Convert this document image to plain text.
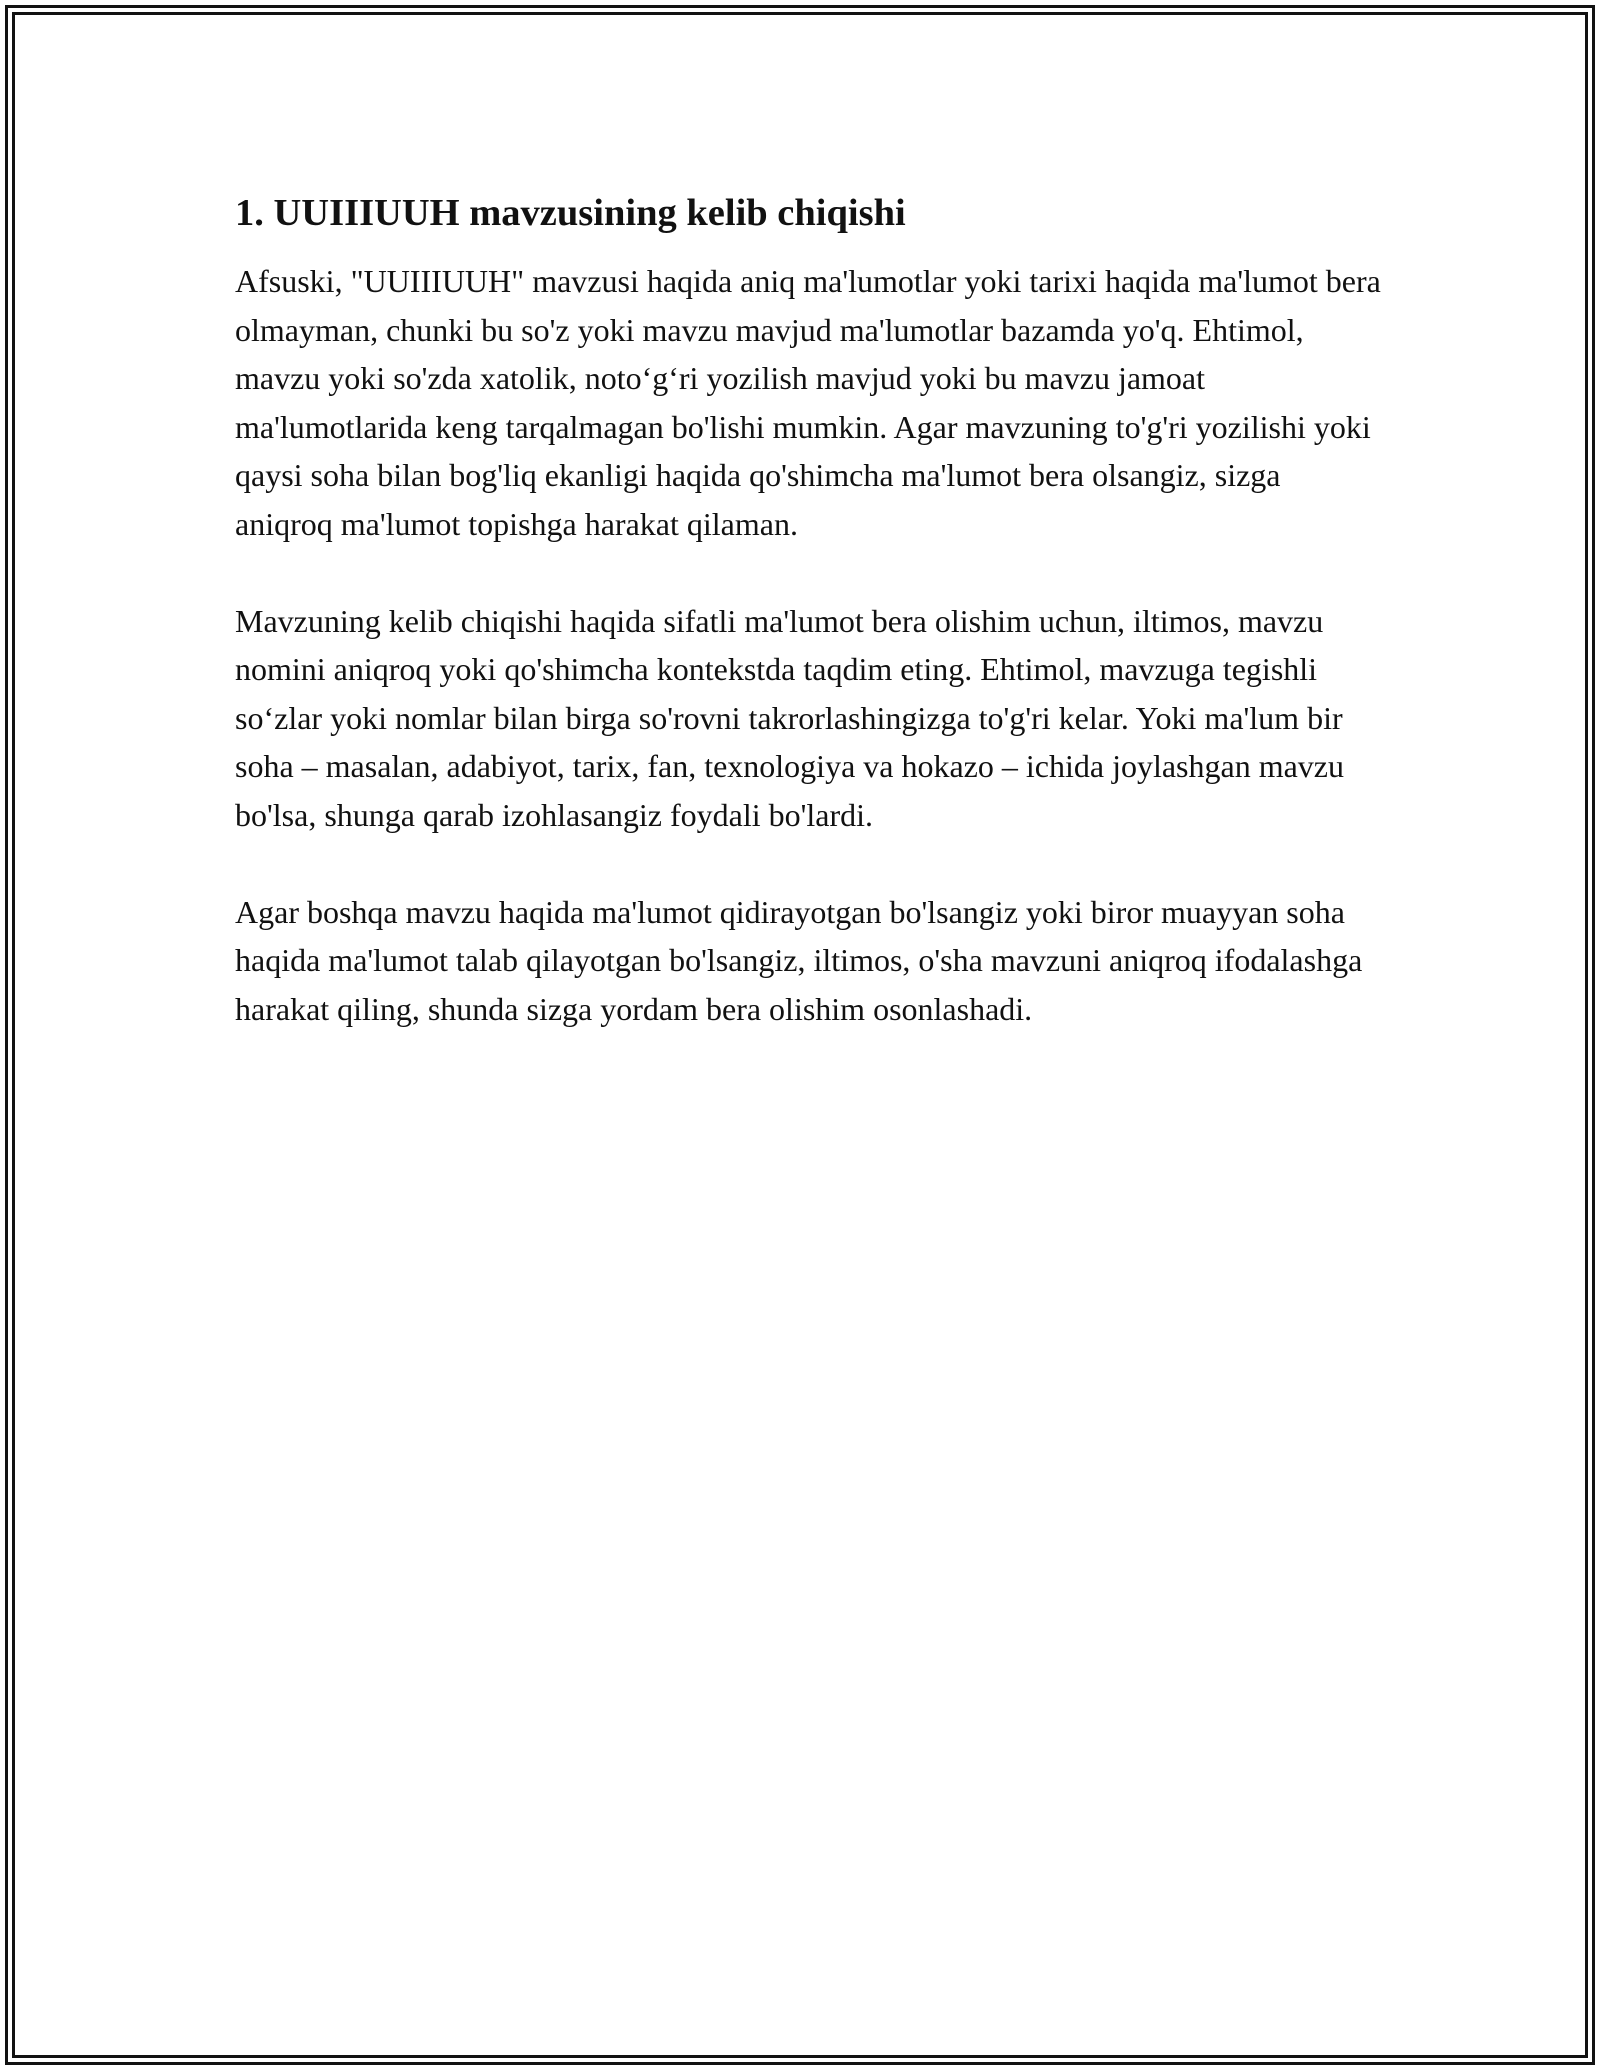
1. UUIIIUUH mavzusining kelib chiqishi

Afsuski, "UUIIIUUH" mavzusi haqida aniq ma'lumotlar yoki tarixi haqida ma'lumot bera olmayman, chunki bu so'z yoki mavzu mavjud ma'lumotlar bazamda yo'q. Ehtimol, mavzu yoki so'zda xatolik, noto‘g‘ri yozilish mavjud yoki bu mavzu jamoat ma'lumotlarida keng tarqalmagan bo'lishi mumkin. Agar mavzuning to'g'ri yozilishi yoki qaysi soha bilan bog'liq ekanligi haqida qo'shimcha ma'lumot bera olsangiz, sizga aniqroq ma'lumot topishga harakat qilaman.

Mavzuning kelib chiqishi haqida sifatli ma'lumot bera olishim uchun, iltimos, mavzu nomini aniqroq yoki qo'shimcha kontekstda taqdim eting. Ehtimol, mavzuga tegishli so‘zlar yoki nomlar bilan birga so'rovni takrorlashingizga to'g'ri kelar. Yoki ma'lum bir soha – masalan, adabiyot, tarix, fan, texnologiya va hokazo – ichida joylashgan mavzu bo'lsa, shunga qarab izohlasangiz foydali bo'lardi.

Agar boshqa mavzu haqida ma'lumot qidirayotgan bo'lsangiz yoki biror muayyan soha haqida ma'lumot talab qilayotgan bo'lsangiz, iltimos, o'sha mavzuni aniqroq ifodalashga harakat qiling, shunda sizga yordam bera olishim osonlashadi.
